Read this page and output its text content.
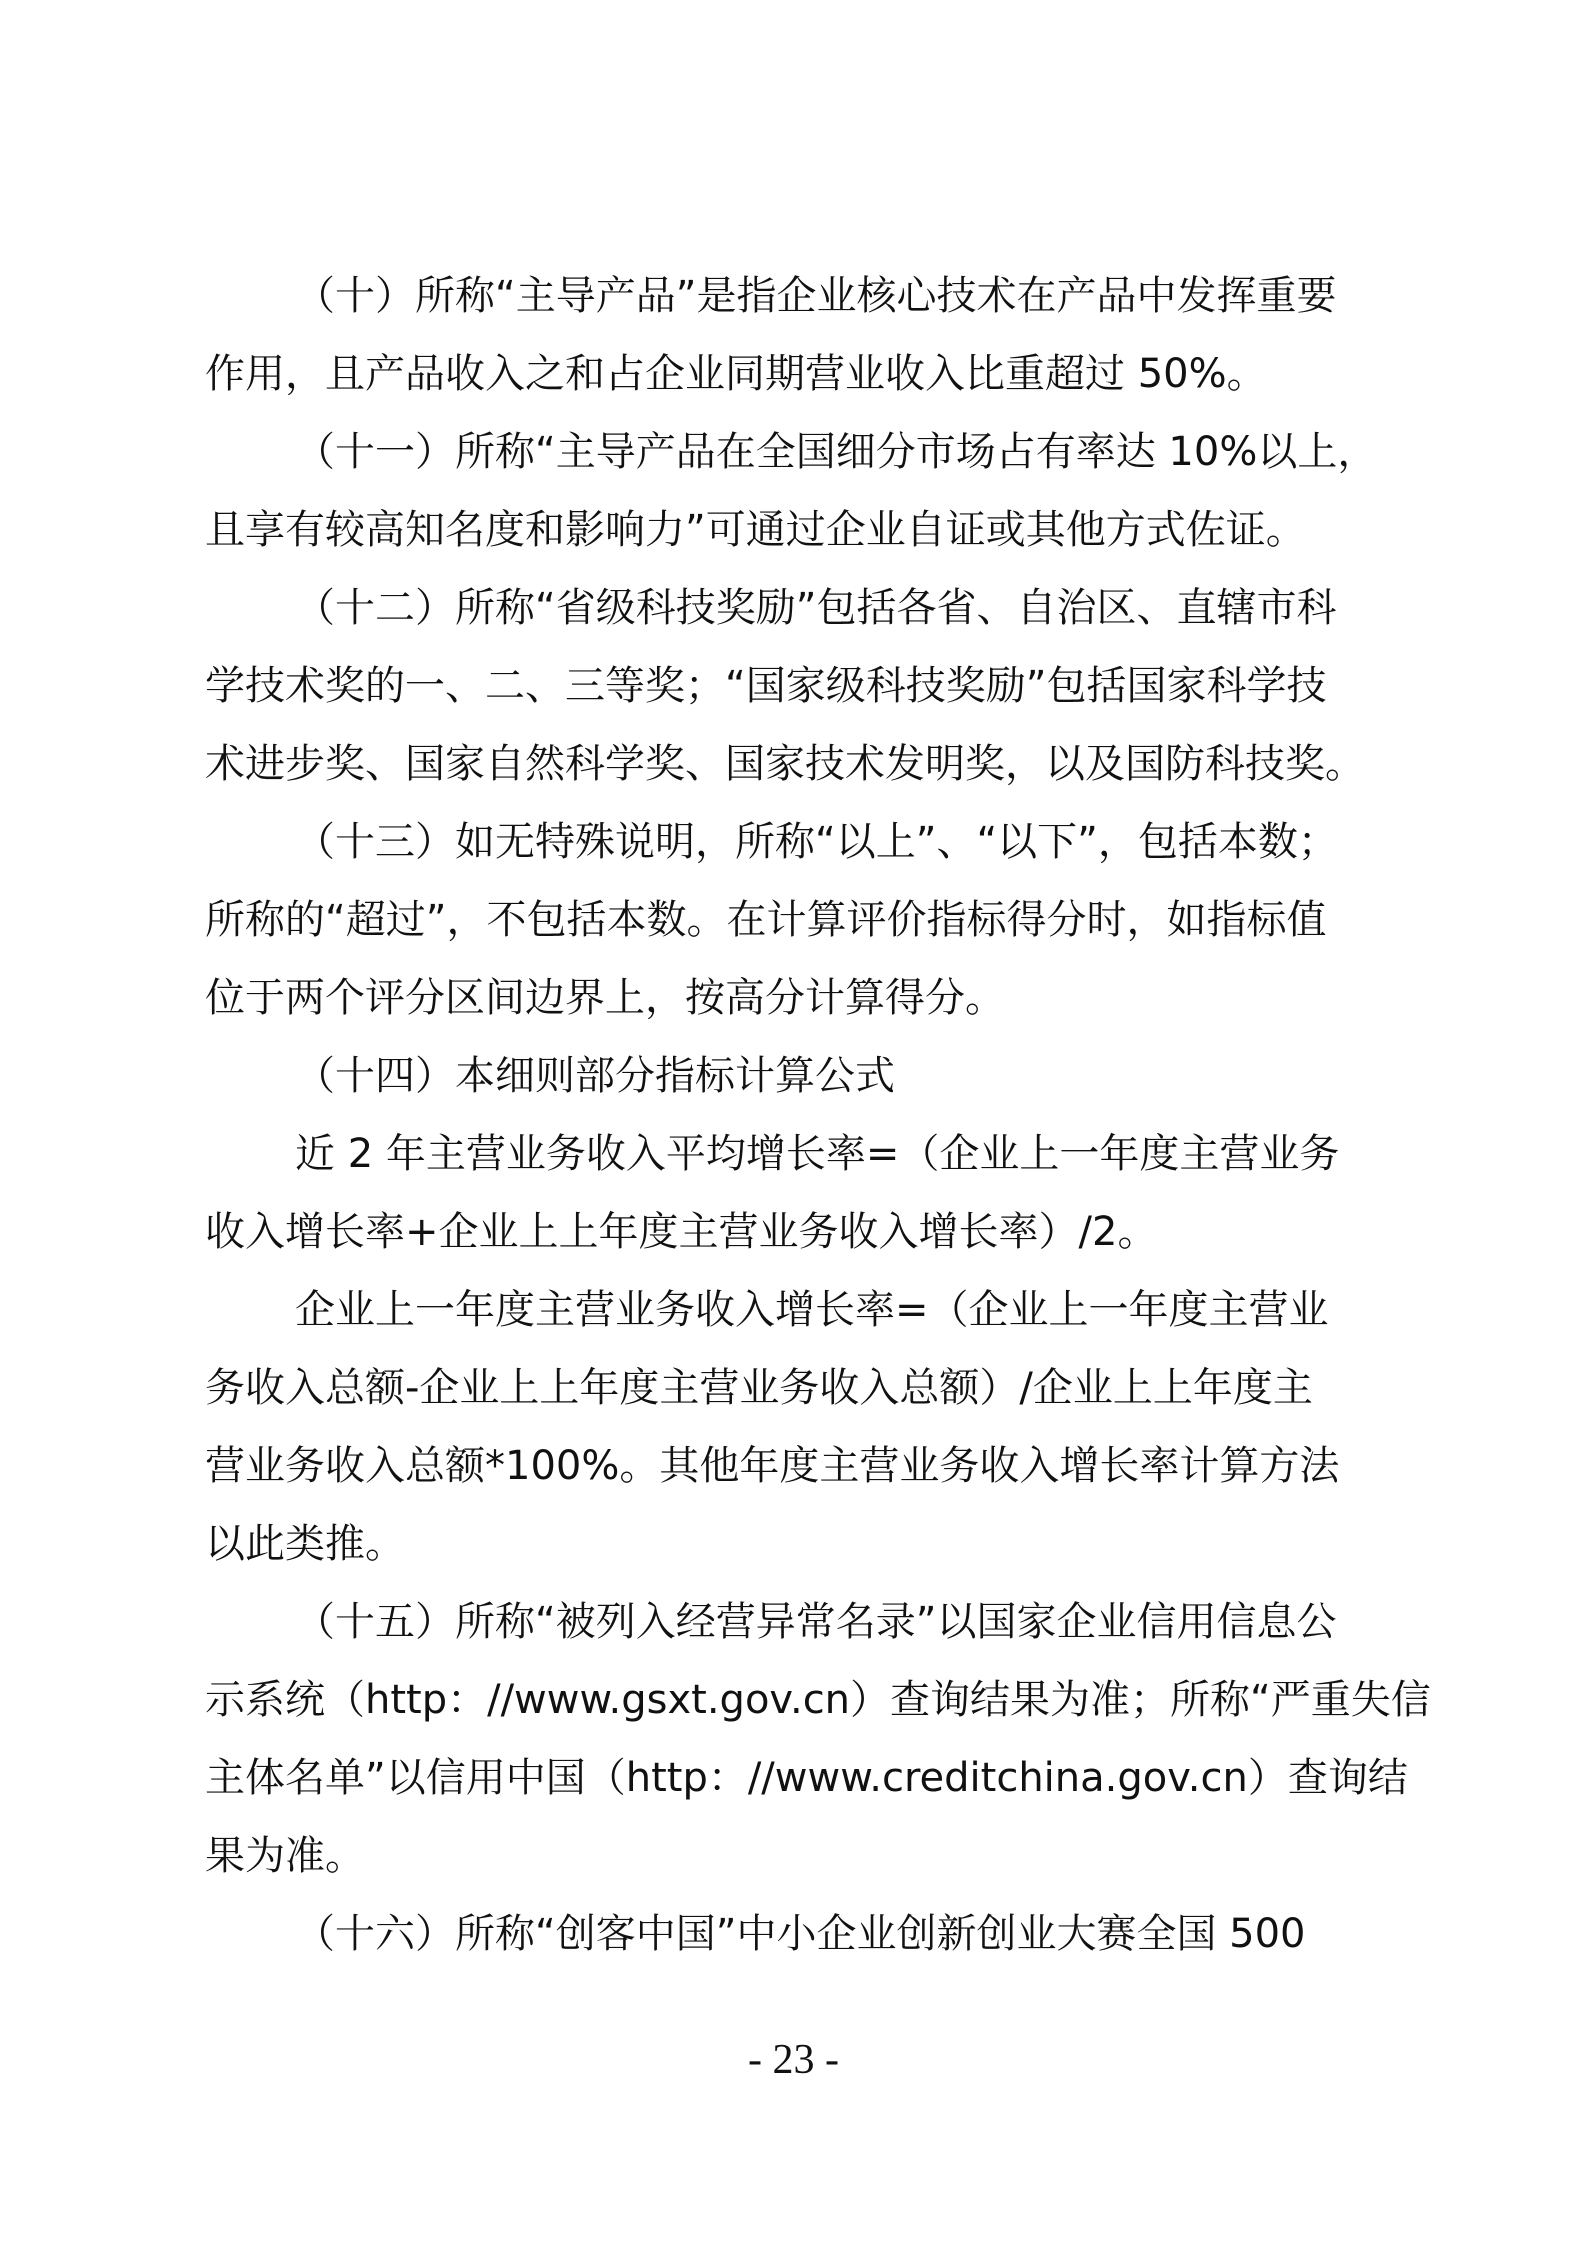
（十）所称“主导产品”是指企业核心技术在产品中发挥重要
作用，且产品收入之和占企业同期营业收入比重超过 50%。
（十一）所称“主导产品在全国细分市场占有率达 10%以上，
且享有较高知名度和影响力”可通过企业自证或其他方式佐证。
（十二）所称“省级科技奖励”包括各省、自治区、直辖市科
学技术奖的一、二、三等奖；“国家级科技奖励”包括国家科学技
术进步奖、国家自然科学奖、国家技术发明奖，以及国防科技奖。
（十三）如无特殊说明，所称“以上”、“以下”，包括本数；
所称的“超过”，不包括本数。在计算评价指标得分时，如指标值
位于两个评分区间边界上，按高分计算得分。
（十四）本细则部分指标计算公式
近 2 年主营业务收入平均增长率=（企业上一年度主营业务
收入增长率+企业上上年度主营业务收入增长率）/2。
企业上一年度主营业务收入增长率=（企业上一年度主营业
务收入总额-企业上上年度主营业务收入总额）/企业上上年度主
营业务收入总额*100%。其他年度主营业务收入增长率计算方法
以此类推。
（十五）所称“被列入经营异常名录”以国家企业信用信息公
示系统（http：//www.gsxt.gov.cn）查询结果为准；所称“严重失信
主体名单”以信用中国（http：//www.creditchina.gov.cn）查询结
果为准。
（十六）所称“创客中国”中小企业创新创业大赛全国 500
- 23 -
